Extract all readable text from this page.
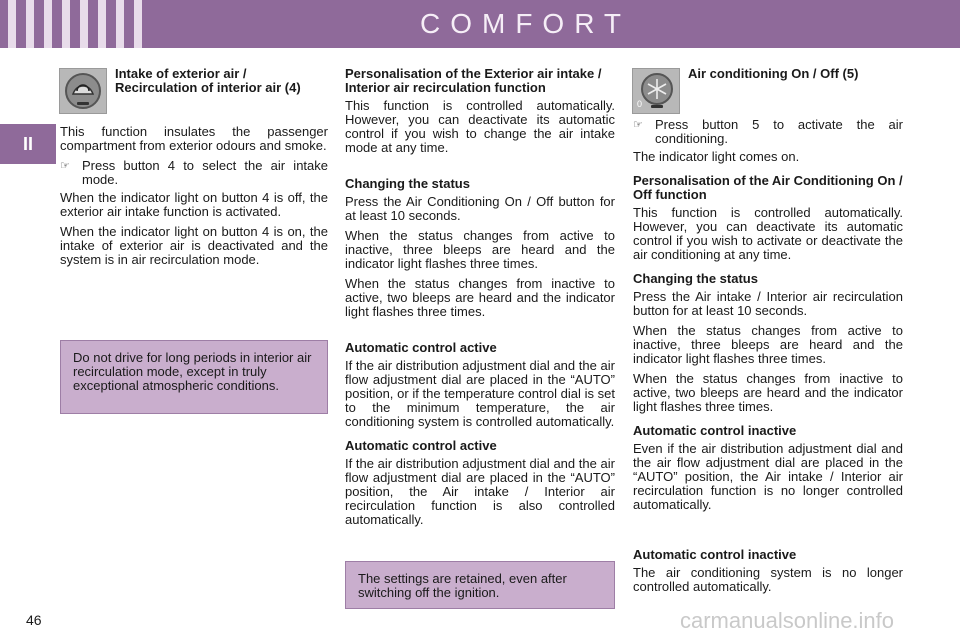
COMFORT
II
Intake of exterior air / Recirculation of interior air (4)

This function insulates the passenger compartment from exterior odours and smoke.

☞ Press button 4 to select the air intake mode.

When the indicator light on button 4 is off, the exterior air intake function is activated.

When the indicator light on button 4 is on, the intake of exterior air is deactivated and the system is in air recirculation mode.

Do not drive for long periods in interior air recirculation mode, except in truly exceptional atmospheric conditions.
Personalisation of the Exterior air intake / Interior air recirculation function

This function is controlled automatically. However, you can deactivate its automatic control if you wish to change the air intake mode at any time.

Changing the status

Press the Air Conditioning On / Off button for at least 10 seconds.

When the status changes from active to inactive, three bleeps are heard and the indicator light flashes three times.

When the status changes from inactive to active, two bleeps are heard and the indicator light flashes three times.

Automatic control active

If the air distribution adjustment dial and the air flow adjustment dial are placed in the “AUTO” position, or if the temperature control dial is set to the minimum temperature, the air conditioning system is controlled automatically.

Automatic control active

If the air distribution adjustment dial and the air flow adjustment dial are placed in the “AUTO” position, the Air intake / Interior air recirculation function is also controlled automatically.

The settings are retained, even after switching off the ignition.
0
Air conditioning On / Off (5)
☞ Press button 5 to activate the air conditioning.

The indicator light comes on.

Personalisation of the Air Conditioning On / Off function

This function is controlled automatically. However, you can deactivate its automatic control if you wish to activate or deactivate the air conditioning at any time.

Changing the status

Press the Air intake / Interior air recirculation button for at least 10 seconds.

When the status changes from active to inactive, three bleeps are heard and the indicator light flashes three times.

When the status changes from inactive to active, two bleeps are heard and the indicator light flashes three times.

Automatic control inactive

Even if the air distribution adjustment dial and the air flow adjustment dial are placed in the “AUTO” position, the Air intake / Interior air recirculation function is no longer controlled automatically.

Automatic control inactive

The air conditioning system is no longer controlled automatically.

46	carmanualsonline.info
